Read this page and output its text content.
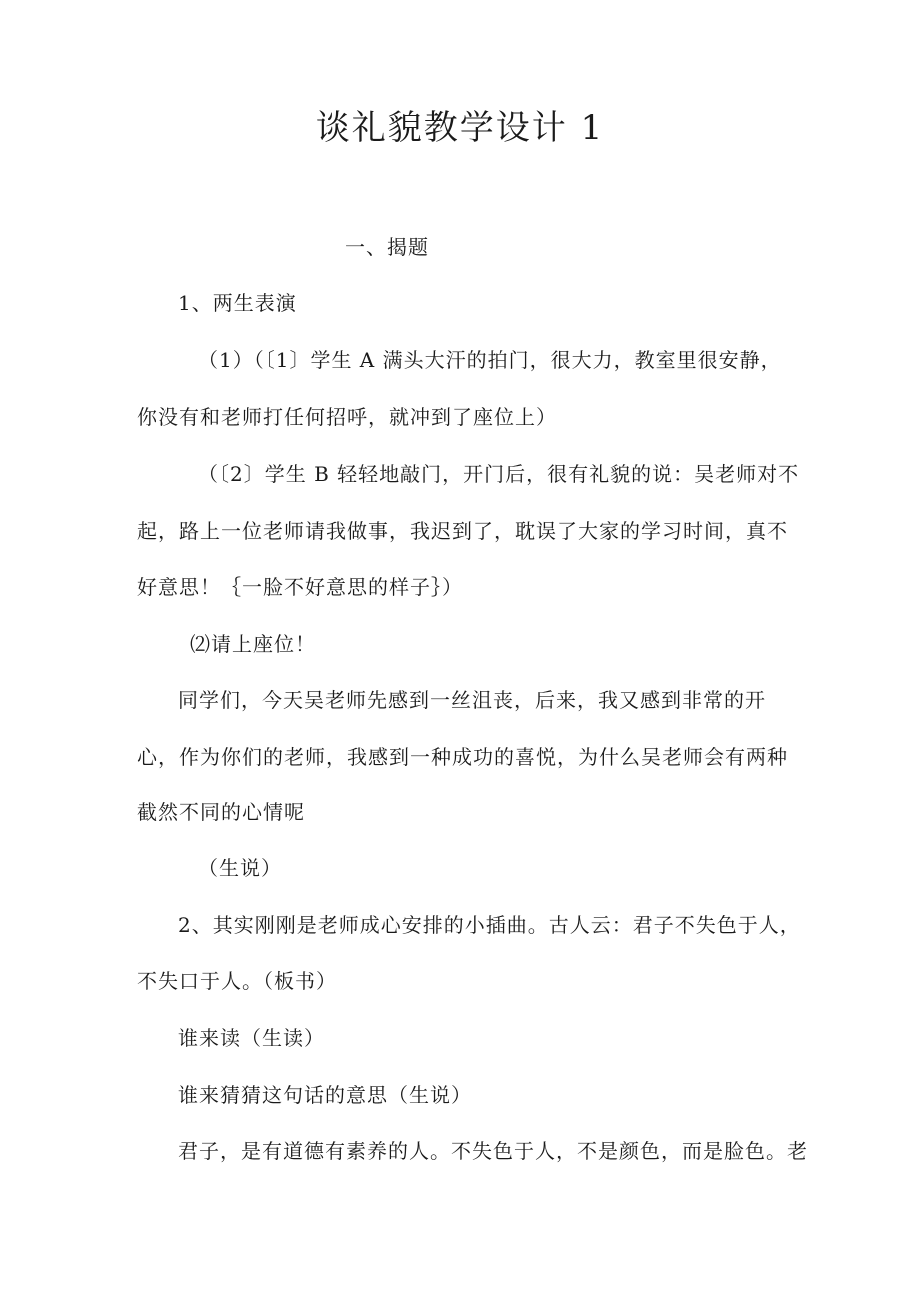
谈礼貌教学设计 1
一、揭题
1、两生表演
（1）（〔1〕学生 A 满头大汗的拍门，很大力，教室里很安静，
你没有和老师打任何招呼，就冲到了座位上）
（〔2〕学生 B 轻轻地敲门，开门后，很有礼貌的说：吴老师对不
起，路上一位老师请我做事，我迟到了，耽误了大家的学习时间，真不
好意思！｛一脸不好意思的样子｝）
⑵请上座位！
同学们，今天吴老师先感到一丝沮丧，后来，我又感到非常的开
心，作为你们的老师，我感到一种成功的喜悦，为什么吴老师会有两种
截然不同的心情呢
（生说）
2、其实刚刚是老师成心安排的小插曲。古人云：君子不失色于人，
不失口于人。（板书）
谁来读（生读）
谁来猜猜这句话的意思（生说）
君子，是有道德有素养的人。不失色于人，不是颜色，而是脸色。老
